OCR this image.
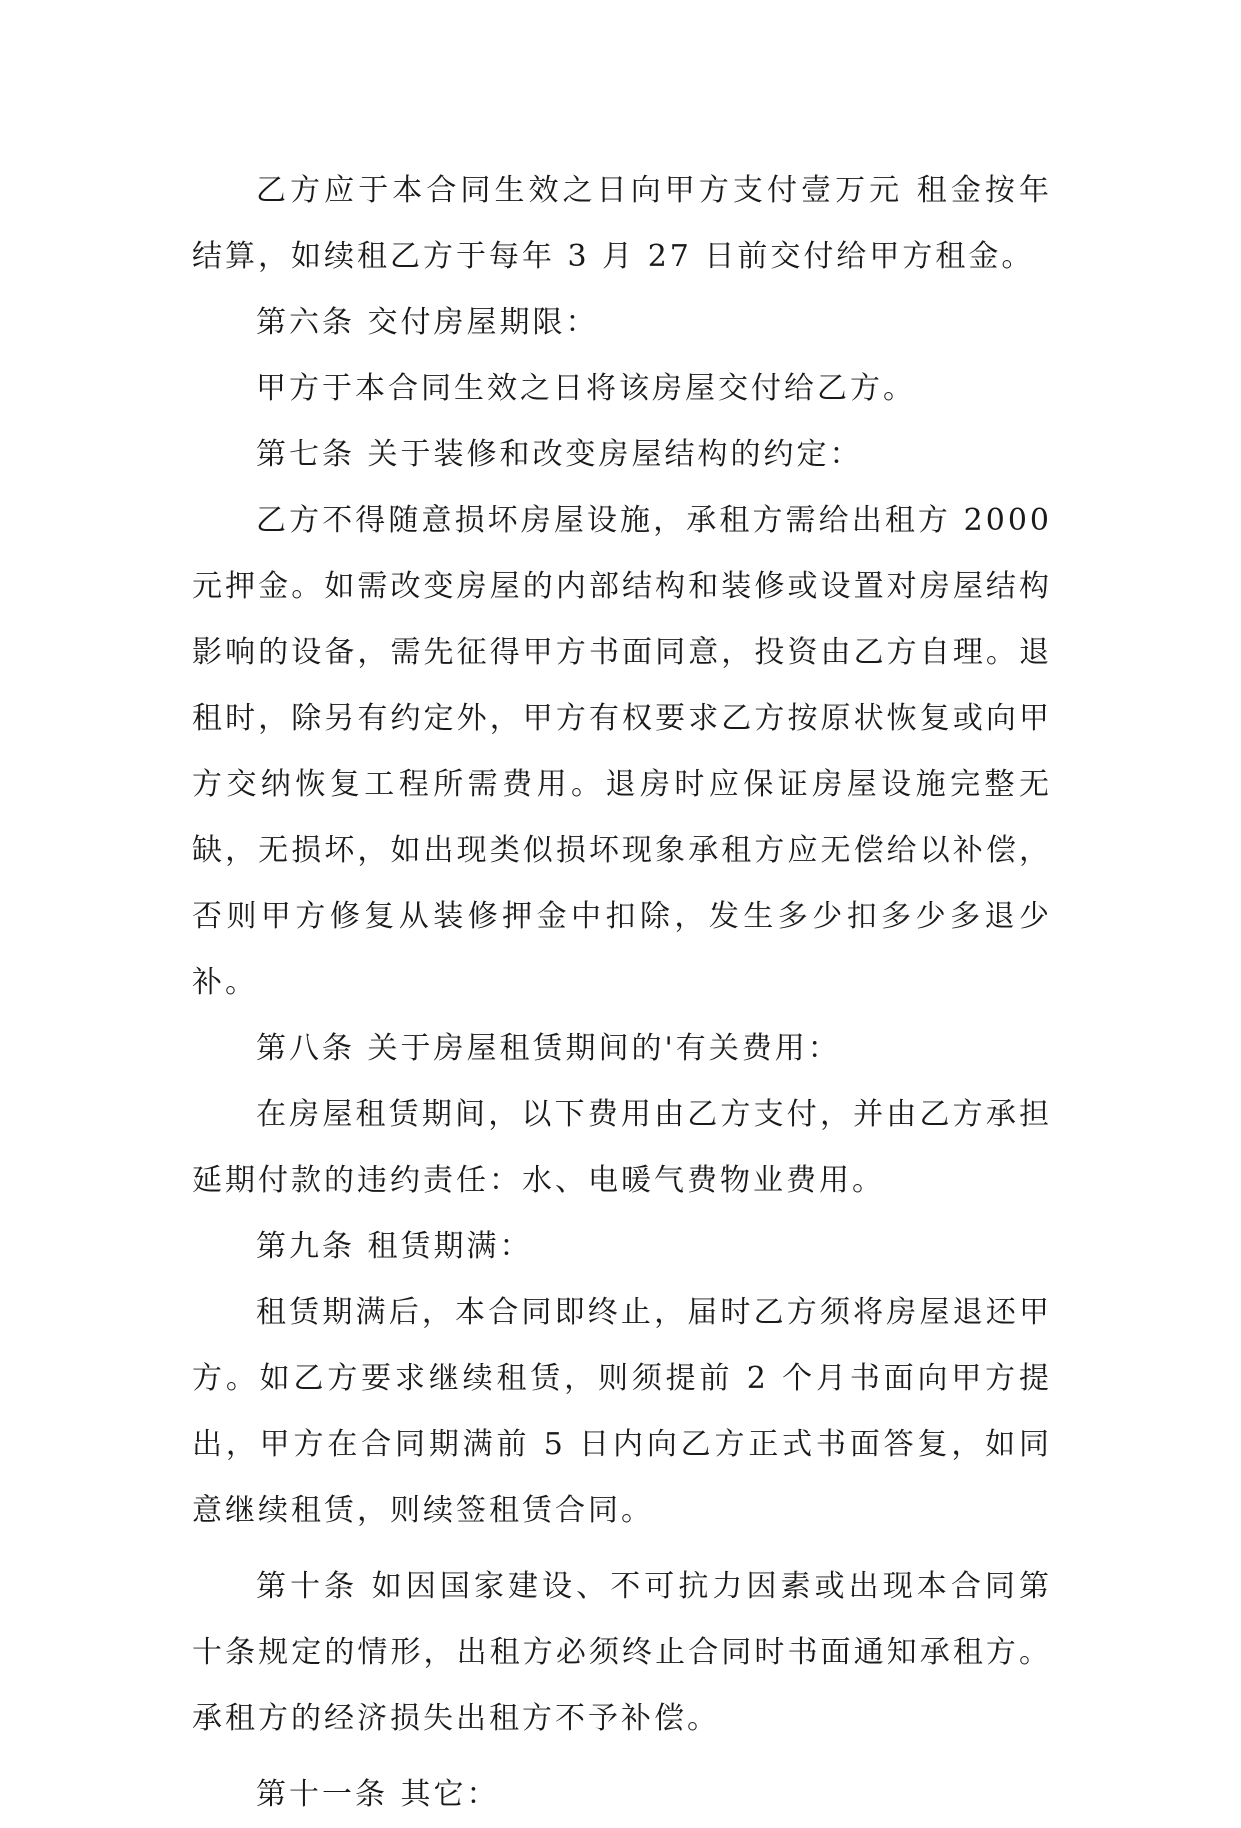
乙方应于本合同生效之日向甲方支付壹万元 租金按年结算，如续租乙方于每年 3 月 27 日前交付给甲方租金。

第六条 交付房屋期限：

甲方于本合同生效之日将该房屋交付给乙方。

第七条 关于装修和改变房屋结构的约定：

乙方不得随意损坏房屋设施，承租方需给出租方 2000 元押金。如需改变房屋的内部结构和装修或设置对房屋结构影响的设备，需先征得甲方书面同意，投资由乙方自理。退租时，除另有约定外，甲方有权要求乙方按原状恢复或向甲方交纳恢复工程所需费用。退房时应保证房屋设施完整无缺，无损坏，如出现类似损坏现象承租方应无偿给以补偿，否则甲方修复从装修押金中扣除，发生多少扣多少多退少补。

第八条 关于房屋租赁期间的'有关费用：

在房屋租赁期间，以下费用由乙方支付，并由乙方承担延期付款的违约责任：水、电暖气费物业费用。

第九条 租赁期满：

租赁期满后，本合同即终止，届时乙方须将房屋退还甲方。如乙方要求继续租赁，则须提前 2 个月书面向甲方提出，甲方在合同期满前 5 日内向乙方正式书面答复，如同意继续租赁，则续签租赁合同。

第十条 如因国家建设、不可抗力因素或出现本合同第十条规定的情形，出租方必须终止合同时书面通知承租方。承租方的经济损失出租方不予补偿。

第十一条 其它：
